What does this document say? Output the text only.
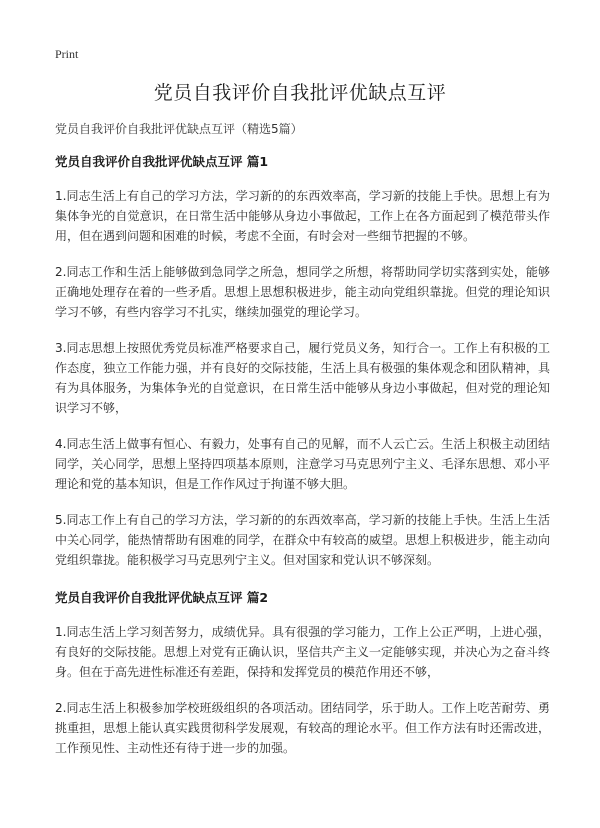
Print
党员自我评价自我批评优缺点互评
党员自我评价自我批评优缺点互评（精选5篇）
党员自我评价自我批评优缺点互评 篇1

1.同志生活上有自己的学习方法，学习新的的东西效率高，学习新的技能上手快。思想上有为集体争光的自觉意识，在日常生活中能够从身边小事做起，工作上在各方面起到了模范带头作用，但在遇到问题和困难的时候，考虑不全面，有时会对一些细节把握的不够。

2.同志工作和生活上能够做到急同学之所急，想同学之所想，将帮助同学切实落到实处，能够正确地处理存在着的一些矛盾。思想上思想积极进步，能主动向党组织靠拢。但党的理论知识学习不够，有些内容学习不扎实，继续加强党的理论学习。

3.同志思想上按照优秀党员标准严格要求自己，履行党员义务，知行合一。工作上有积极的工作态度，独立工作能力强，并有良好的交际技能，生活上具有极强的集体观念和团队精神，具有为具体服务，为集体争光的自觉意识，在日常生活中能够从身边小事做起，但对党的理论知识学习不够，

4.同志生活上做事有恒心、有毅力，处事有自己的见解，而不人云亡云。生活上积极主动团结同学，关心同学，思想上坚持四项基本原则，注意学习马克思列宁主义、毛泽东思想、邓小平理论和党的基本知识，但是工作作风过于拘谨不够大胆。

5.同志工作上有自己的学习方法，学习新的的东西效率高，学习新的技能上手快。生活上生活中关心同学，能热情帮助有困难的同学，在群众中有较高的威望。思想上积极进步，能主动向党组织靠拢。能积极学习马克思列宁主义。但对国家和党认识不够深刻。

党员自我评价自我批评优缺点互评 篇2

1.同志生活上学习刻苦努力，成绩优异。具有很强的学习能力，工作上公正严明，上进心强，有良好的交际技能。思想上对党有正确认识，坚信共产主义一定能够实现，并决心为之奋斗终身。但在于高先进性标准还有差距，保持和发挥党员的模范作用还不够，

2.同志生活上积极参加学校班级组织的各项活动。团结同学，乐于助人。工作上吃苦耐劳、勇挑重担，思想上能认真实践贯彻科学发展观，有较高的理论水平。但工作方法有时还需改进，工作预见性、主动性还有待于进一步的加强。
